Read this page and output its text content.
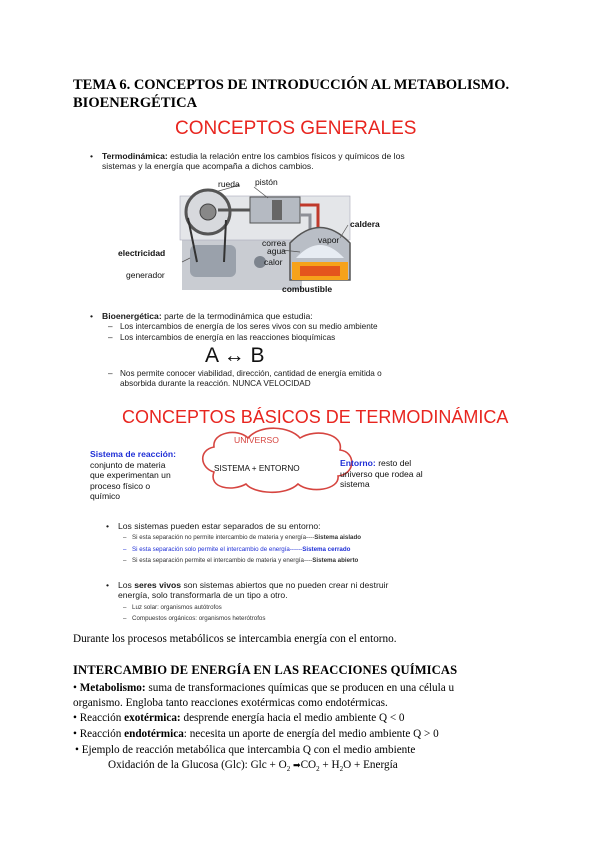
TEMA 6. CONCEPTOS DE INTRODUCCIÓN AL METABOLISMO.
BIOENERGÉTICA
CONCEPTOS GENERALES
• Termodinámica: estudia la relación entre los cambios físicos y químicos de los
sistemas y la energía que acompaña a dichos cambios.
rueda pistón
correa
agua
vapor
caldera
electricidad
calor
generador
combustible
• Bioenergética: parte de la termodinámica que estudia:
– Los intercambios de energía de los seres vivos con su medio ambiente
– Los intercambios de energía en las reacciones bioquímicas
A ↔ B
– Nos permite conocer viabilidad, dirección, cantidad de energía emitida o
absorbida durante la reacción. NUNCA VELOCIDAD
CONCEPTOS BÁSICOS DE TERMODINÁMICA
UNIVERSO
SISTEMA + ENTORNO
Sistema de reacción:
conjunto de materia
que experimentan un
proceso físico o
químico
Entorno: resto del
universo que rodea al
sistema
• Los sistemas pueden estar separados de su entorno:
– Si esta separación no permite intercambio de materia y energía----Sistema aislado
– Si esta separación solo permite el intercambio de energía------Sistema cerrado
– Si esta separación permite el intercambio de materia y energía----Sistema abierto
• Los seres vivos son sistemas abiertos que no pueden crear ni destruir
energía, solo transformarla de un tipo a otro.
– Luz solar: organismos autótrofos
– Compuestos orgánicos: organismos heterótrofos
Durante los procesos metabólicos se intercambia energía con el entorno.
INTERCAMBIO DE ENERGÍA EN LAS REACCIONES QUÍMICAS
• Metabolismo: suma de transformaciones químicas que se producen en una célula u
organismo. Engloba tanto reacciones exotérmicas como endotérmicas.
• Reacción exotérmica: desprende energía hacia el medio ambiente Q < 0
• Reacción endotérmica: necesita un aporte de energía del medio ambiente Q > 0
• Ejemplo de reacción metabólica que intercambia Q con el medio ambiente
Oxidación de la Glucosa (Glc): Glc + $O_2$ $➡CO_2 + H_2O$ + Energía
